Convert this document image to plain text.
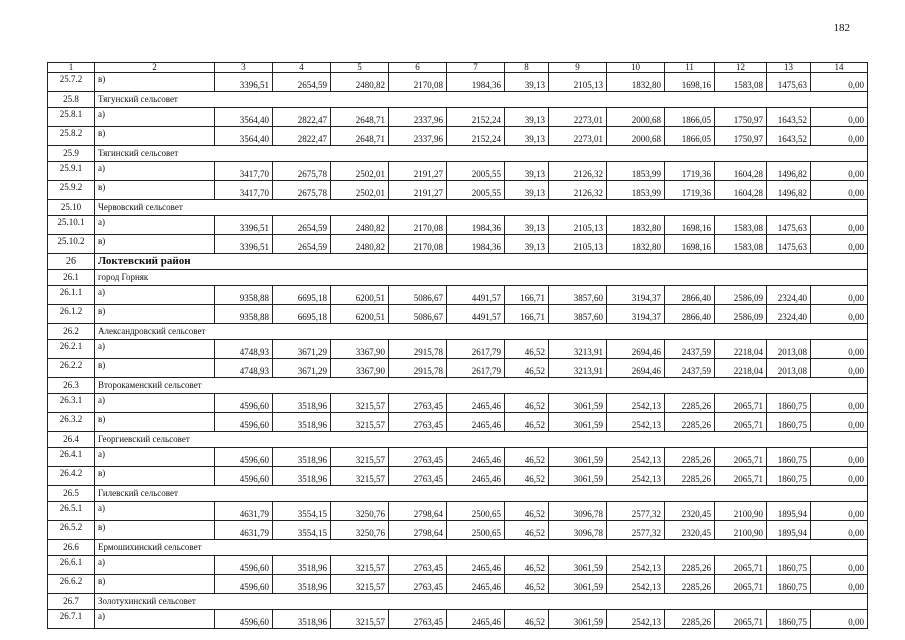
182
1	2	3	4	5	6	7	8	9	10	11	12	13	14
25.7.2	в)	3396,51	2654,59	2480,82	2170,08	1984,36	39,13	2105,13	1832,80	1698,16	1583,08	1475,63	0,00
25.8	Тягунский сельсовет												
25.8.1	а)	3564,40	2822,47	2648,71	2337,96	2152,24	39,13	2273,01	2000,68	1866,05	1750,97	1643,52	0,00
25.8.2	в)	3564,40	2822,47	2648,71	2337,96	2152,24	39,13	2273,01	2000,68	1866,05	1750,97	1643,52	0,00
25.9	Тягинский сельсовет												
25.9.1	а)	3417,70	2675,78	2502,01	2191,27	2005,55	39,13	2126,32	1853,99	1719,36	1604,28	1496,82	0,00
25.9.2	в)	3417,70	2675,78	2502,01	2191,27	2005,55	39,13	2126,32	1853,99	1719,36	1604,28	1496,82	0,00
25.10	Червовский сельсовет												
25.10.1	а)	3396,51	2654,59	2480,82	2170,08	1984,36	39,13	2105,13	1832,80	1698,16	1583,08	1475,63	0,00
25.10.2	в)	3396,51	2654,59	2480,82	2170,08	1984,36	39,13	2105,13	1832,80	1698,16	1583,08	1475,63	0,00
26	Локтевский район												
26.1	город Горняк												
26.1.1	а)	9358,88	6695,18	6200,51	5086,67	4491,57	166,71	3857,60	3194,37	2866,40	2586,09	2324,40	0,00
26.1.2	в)	9358,88	6695,18	6200,51	5086,67	4491,57	166,71	3857,60	3194,37	2866,40	2586,09	2324,40	0,00
26.2	Александровский сельсовет												
26.2.1	а)	4748,93	3671,29	3367,90	2915,78	2617,79	46,52	3213,91	2694,46	2437,59	2218,04	2013,08	0,00
26.2.2	в)	4748,93	3671,29	3367,90	2915,78	2617,79	46,52	3213,91	2694,46	2437,59	2218,04	2013,08	0,00
26.3	Второкаменский сельсовет												
26.3.1	а)	4596,60	3518,96	3215,57	2763,45	2465,46	46,52	3061,59	2542,13	2285,26	2065,71	1860,75	0,00
26.3.2	в)	4596,60	3518,96	3215,57	2763,45	2465,46	46,52	3061,59	2542,13	2285,26	2065,71	1860,75	0,00
26.4	Георгиевский сельсовет												
26.4.1	а)	4596,60	3518,96	3215,57	2763,45	2465,46	46,52	3061,59	2542,13	2285,26	2065,71	1860,75	0,00
26.4.2	в)	4596,60	3518,96	3215,57	2763,45	2465,46	46,52	3061,59	2542,13	2285,26	2065,71	1860,75	0,00
26.5	Гилевский сельсовет												
26.5.1	а)	4631,79	3554,15	3250,76	2798,64	2500,65	46,52	3096,78	2577,32	2320,45	2100,90	1895,94	0,00
26.5.2	в)	4631,79	3554,15	3250,76	2798,64	2500,65	46,52	3096,78	2577,32	2320,45	2100,90	1895,94	0,00
26.6	Ермошихинский сельсовет												
26.6.1	а)	4596,60	3518,96	3215,57	2763,45	2465,46	46,52	3061,59	2542,13	2285,26	2065,71	1860,75	0,00
26.6.2	в)	4596,60	3518,96	3215,57	2763,45	2465,46	46,52	3061,59	2542,13	2285,26	2065,71	1860,75	0,00
26.7	Золотухинский сельсовет												
26.7.1	а)	4596,60	3518,96	3215,57	2763,45	2465,46	46,52	3061,59	2542,13	2285,26	2065,71	1860,75	0,00
